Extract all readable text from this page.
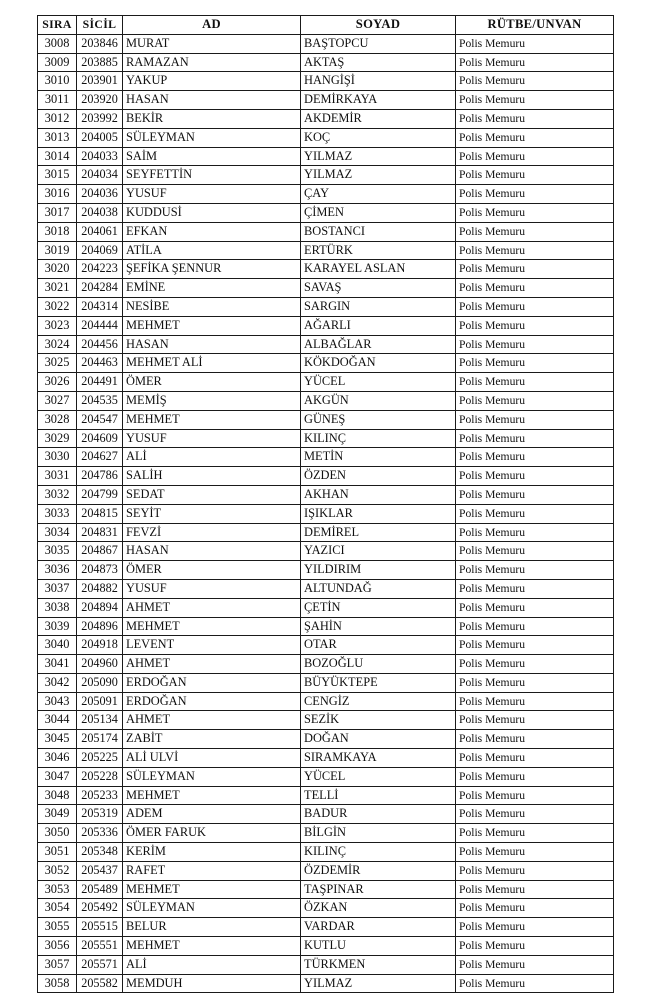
SIRA	SİCİL	AD	SOYAD	RÜTBE/UNVAN
3008	203846	MURAT	BAŞTOPCU	Polis Memuru
3009	203885	RAMAZAN	AKTAŞ	Polis Memuru
3010	203901	YAKUP	HANGİŞİ	Polis Memuru
3011	203920	HASAN	DEMİRKAYA	Polis Memuru
3012	203992	BEKİR	AKDEMİR	Polis Memuru
3013	204005	SÜLEYMAN	KOÇ	Polis Memuru
3014	204033	SAİM	YILMAZ	Polis Memuru
3015	204034	SEYFETTİN	YILMAZ	Polis Memuru
3016	204036	YUSUF	ÇAY	Polis Memuru
3017	204038	KUDDUSİ	ÇİMEN	Polis Memuru
3018	204061	EFKAN	BOSTANCI	Polis Memuru
3019	204069	ATİLA	ERTÜRK	Polis Memuru
3020	204223	ŞEFİKA ŞENNUR	KARAYEL ASLAN	Polis Memuru
3021	204284	EMİNE	SAVAŞ	Polis Memuru
3022	204314	NESİBE	SARGIN	Polis Memuru
3023	204444	MEHMET	AĞARLI	Polis Memuru
3024	204456	HASAN	ALBAĞLAR	Polis Memuru
3025	204463	MEHMET ALİ	KÖKDOĞAN	Polis Memuru
3026	204491	ÖMER	YÜCEL	Polis Memuru
3027	204535	MEMİŞ	AKGÜN	Polis Memuru
3028	204547	MEHMET	GÜNEŞ	Polis Memuru
3029	204609	YUSUF	KILINÇ	Polis Memuru
3030	204627	ALİ	METİN	Polis Memuru
3031	204786	SALİH	ÖZDEN	Polis Memuru
3032	204799	SEDAT	AKHAN	Polis Memuru
3033	204815	SEYİT	IŞIKLAR	Polis Memuru
3034	204831	FEVZİ	DEMİREL	Polis Memuru
3035	204867	HASAN	YAZICI	Polis Memuru
3036	204873	ÖMER	YILDIRIM	Polis Memuru
3037	204882	YUSUF	ALTUNDAĞ	Polis Memuru
3038	204894	AHMET	ÇETİN	Polis Memuru
3039	204896	MEHMET	ŞAHİN	Polis Memuru
3040	204918	LEVENT	OTAR	Polis Memuru
3041	204960	AHMET	BOZOĞLU	Polis Memuru
3042	205090	ERDOĞAN	BÜYÜKTEPE	Polis Memuru
3043	205091	ERDOĞAN	CENGİZ	Polis Memuru
3044	205134	AHMET	SEZİK	Polis Memuru
3045	205174	ZABİT	DOĞAN	Polis Memuru
3046	205225	ALİ ULVİ	SIRAMKAYA	Polis Memuru
3047	205228	SÜLEYMAN	YÜCEL	Polis Memuru
3048	205233	MEHMET	TELLİ	Polis Memuru
3049	205319	ADEM	BADUR	Polis Memuru
3050	205336	ÖMER FARUK	BİLGİN	Polis Memuru
3051	205348	KERİM	KILINÇ	Polis Memuru
3052	205437	RAFET	ÖZDEMİR	Polis Memuru
3053	205489	MEHMET	TAŞPINAR	Polis Memuru
3054	205492	SÜLEYMAN	ÖZKAN	Polis Memuru
3055	205515	BELUR	VARDAR	Polis Memuru
3056	205551	MEHMET	KUTLU	Polis Memuru
3057	205571	ALİ	TÜRKMEN	Polis Memuru
3058	205582	MEMDUH	YILMAZ	Polis Memuru
